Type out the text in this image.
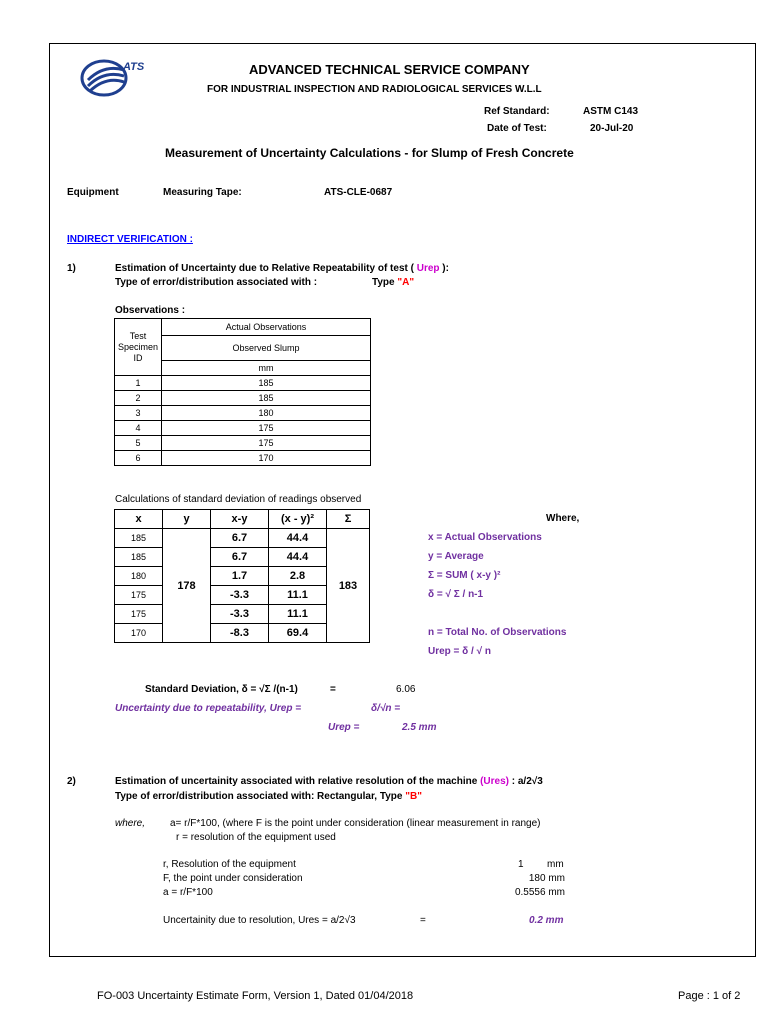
ATS	ADVANCED TECHNICAL SERVICE COMPANY
FOR INDUSTRIAL INSPECTION AND RADIOLOGICAL SERVICES W.L.L
Ref Standard:	ASTM C143
Date of Test:	20-Jul-20
Measurement of Uncertainty Calculations - for Slump of Fresh Concrete
Equipment	Measuring Tape:	ATS-CLE-0687
INDIRECT VERIFICATION :
1)	Estimation of Uncertainty due to Relative Repeatability of test ( Urep ):
Type of error/distribution associated with :	Type "A"
Observations :
Test Specimen ID	Actual Observations
	Observed Slump
	mm
1	185
2	185
3	180
4	175
5	175
6	170
Calculations of standard deviation of readings observed
x	y	x-y	(x - y)²	Σ
185	178	6.7	44.4	183
185		6.7	44.4	
180		1.7	2.8	
175		-3.3	11.1	
175		-3.3	11.1	
170		-8.3	69.4	
Where,
x = Actual Observations
y = Average
Σ = SUM ( x-y )²
δ = √ Σ / n-1
n = Total No. of Observations
Urep = δ / √ n
Standard Deviation, δ = √Σ /(n-1)	=	6.06
Uncertainty due to repeatability, Urep =	δ/√n =
Urep =	2.5 mm
2)	Estimation of uncertainity associated with relative resolution of the machine (Ures) : a/2√3
Type of error/distribution associated with: Rectangular, Type "B"
where, a= r/F*100, (where F is the point under consideration (linear measurement in range)
r = resolution of the equipment used
r, Resolution of the equipment	1 mm
F, the point under consideration	180 mm
a = r/F*100	0.5556 mm
Uncertainity due to resolution, Ures = a/2√3	=	0.2 mm
FO-003 Uncertainty Estimate Form, Version 1, Dated 01/04/2018	Page : 1 of 2
